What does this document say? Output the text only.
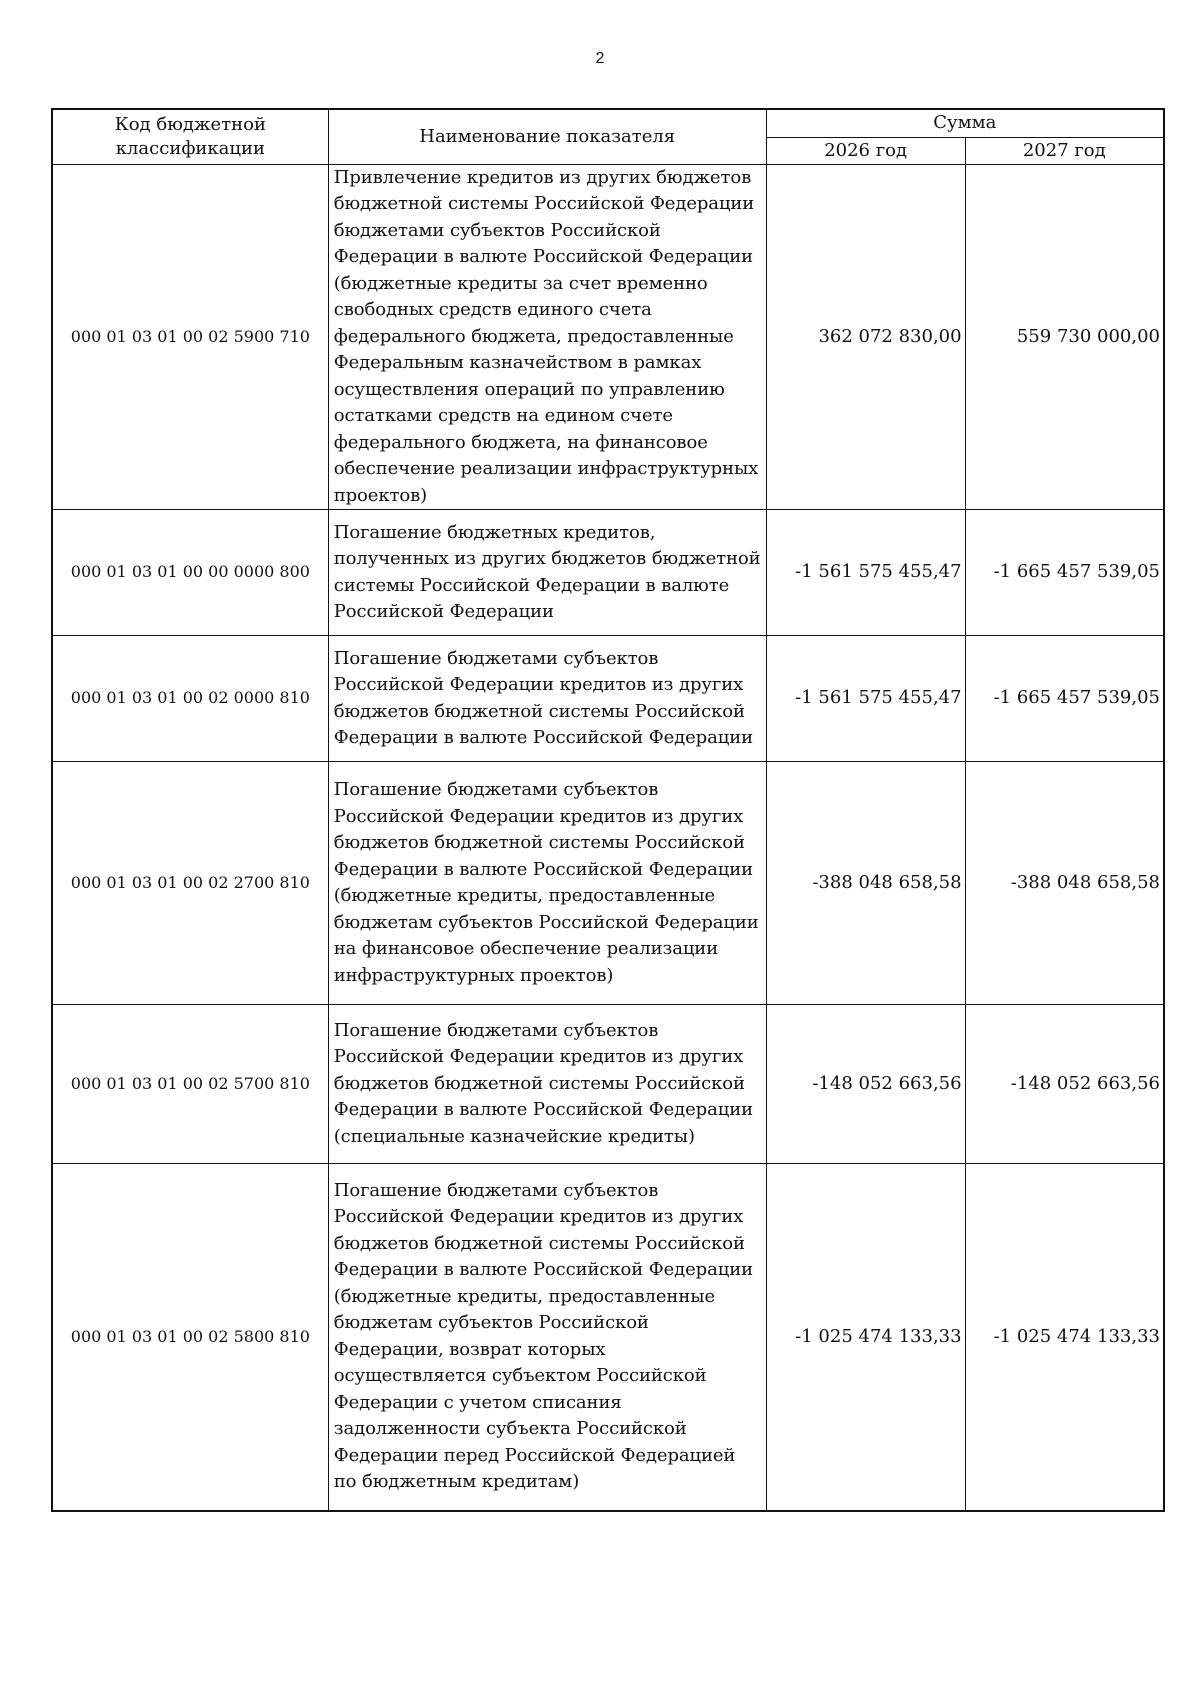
2
Код бюджетной классификации	Наименование показателя	Сумма	
		2026 год	2027 год
000 01 03 01 00 02 5900 710	Привлечение кредитов из других бюджетов бюджетной системы Российской Федерации бюджетами субъектов Российской Федерации в валюте Российской Федерации (бюджетные кредиты за счет временно свободных средств единого счета федерального бюджета, предоставленные Федеральным казначейством в рамках осуществления операций по управлению остатками средств на едином счете федерального бюджета, на финансовое обеспечение реализации инфраструктурных проектов)	362 072 830,00	559 730 000,00
000 01 03 01 00 00 0000 800	Погашение бюджетных кредитов, полученных из других бюджетов бюджетной системы Российской Федерации в валюте Российской Федерации	-1 561 575 455,47	-1 665 457 539,05
000 01 03 01 00 02 0000 810	Погашение бюджетами субъектов Российской Федерации кредитов из других бюджетов бюджетной системы Российской Федерации в валюте Российской Федерации	-1 561 575 455,47	-1 665 457 539,05
000 01 03 01 00 02 2700 810	Погашение бюджетами субъектов Российской Федерации кредитов из других бюджетов бюджетной системы Российской Федерации в валюте Российской Федерации (бюджетные кредиты, предоставленные бюджетам субъектов Российской Федерации на финансовое обеспечение реализации инфраструктурных проектов)	-388 048 658,58	-388 048 658,58
000 01 03 01 00 02 5700 810	Погашение бюджетами субъектов Российской Федерации кредитов из других бюджетов бюджетной системы Российской Федерации в валюте Российской Федерации (специальные казначейские кредиты)	-148 052 663,56	-148 052 663,56
000 01 03 01 00 02 5800 810	Погашение бюджетами субъектов Российской Федерации кредитов из других бюджетов бюджетной системы Российской Федерации в валюте Российской Федерации (бюджетные кредиты, предоставленные бюджетам субъектов Российской Федерации, возврат которых осуществляется субъектом Российской Федерации с учетом списания задолженности субъекта Российской Федерации перед Российской Федерацией по бюджетным кредитам)	-1 025 474 133,33	-1 025 474 133,33
